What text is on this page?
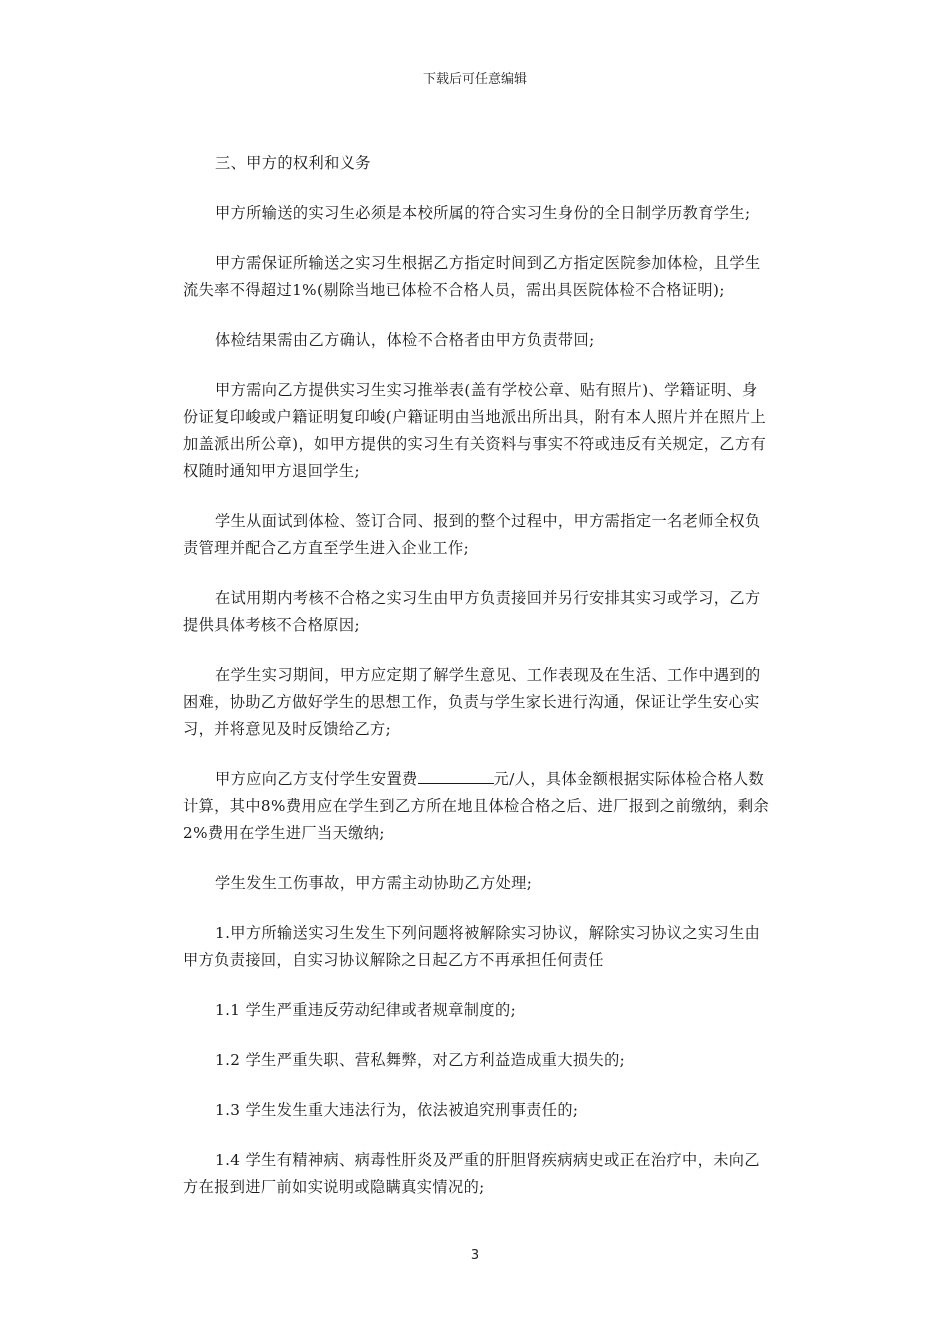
下载后可任意编辑

三、甲方的权利和义务

甲方所输送的实习生必须是本校所属的符合实习生身份的全日制学历教育学生;

甲方需保证所输送之实习生根据乙方指定时间到乙方指定医院参加体检，且学生流失率不得超过1%(剔除当地已体检不合格人员，需出具医院体检不合格证明);

体检结果需由乙方确认，体检不合格者由甲方负责带回;

甲方需向乙方提供实习生实习推举表(盖有学校公章、贴有照片)、学籍证明、身份证复印峻或户籍证明复印峻(户籍证明由当地派出所出具，附有本人照片并在照片上加盖派出所公章)，如甲方提供的实习生有关资料与事实不符或违反有关规定，乙方有权随时通知甲方退回学生;

学生从面试到体检、签订合同、报到的整个过程中，甲方需指定一名老师全权负责管理并配合乙方直至学生进入企业工作;

在试用期内考核不合格之实习生由甲方负责接回并另行安排其实习或学习，乙方提供具体考核不合格原因;

在学生实习期间，甲方应定期了解学生意见、工作表现及在生活、工作中遇到的困难，协助乙方做好学生的思想工作，负责与学生家长进行沟通，保证让学生安心实习，并将意见及时反馈给乙方;

甲方应向乙方支付学生安置费	元/人，具体金额根据实际体检合格人数计算，其中8%费用应在学生到乙方所在地且体检合格之后、进厂报到之前缴纳，剩余2%费用在学生进厂当天缴纳;

学生发生工伤事故，甲方需主动协助乙方处理;

1.甲方所输送实习生发生下列问题将被解除实习协议，解除实习协议之实习生由甲方负责接回，自实习协议解除之日起乙方不再承担任何责任

1.1 学生严重违反劳动纪律或者规章制度的;

1.2 学生严重失职、营私舞弊，对乙方利益造成重大损失的;

1.3 学生发生重大违法行为，依法被追究刑事责任的;

1.4 学生有精神病、病毒性肝炎及严重的肝胆肾疾病病史或正在治疗中，未向乙方在报到进厂前如实说明或隐瞒真实情况的;

3
